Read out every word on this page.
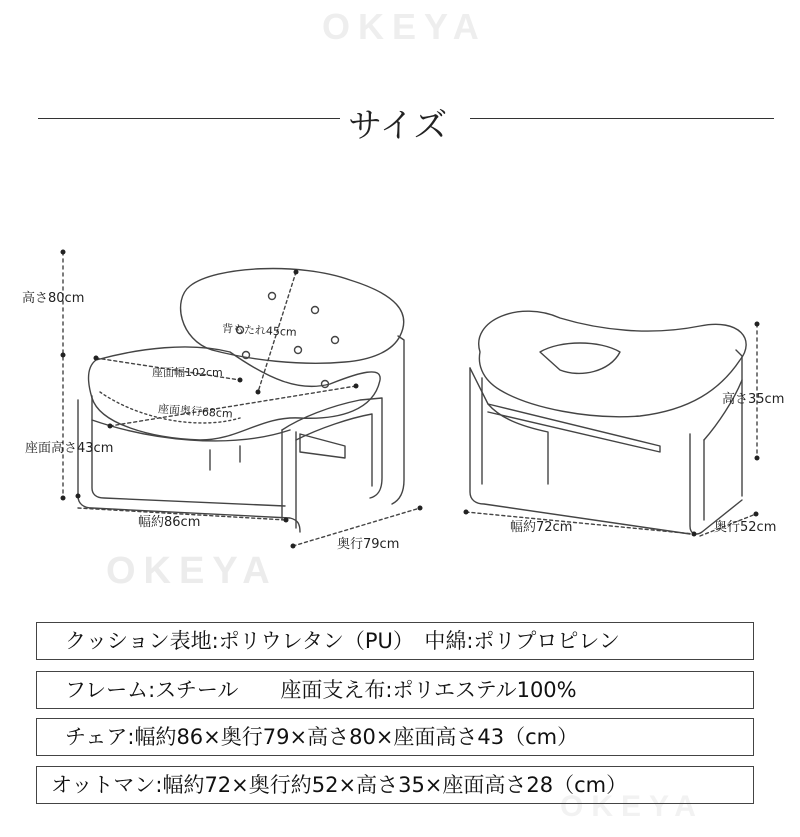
OKEYA
OKEYA
OKEYA
サイズ
高さ80cm
背もたれ45cm
座面幅102cm
座面奥行68cm
座面高さ43cm
幅約86cm
奥行79cm
高さ35cm
幅約72cm	奥行52cm
クッション表地:ポリウレタン（PU）　中綿:ポリプロピレン
フレーム:スチール　　座面支え布:ポリエステル100%
チェア:幅約86×奥行79×高さ80×座面高さ43（cm）
オットマン:幅約72×奥行約52×高さ35×座面高さ28（cm）
